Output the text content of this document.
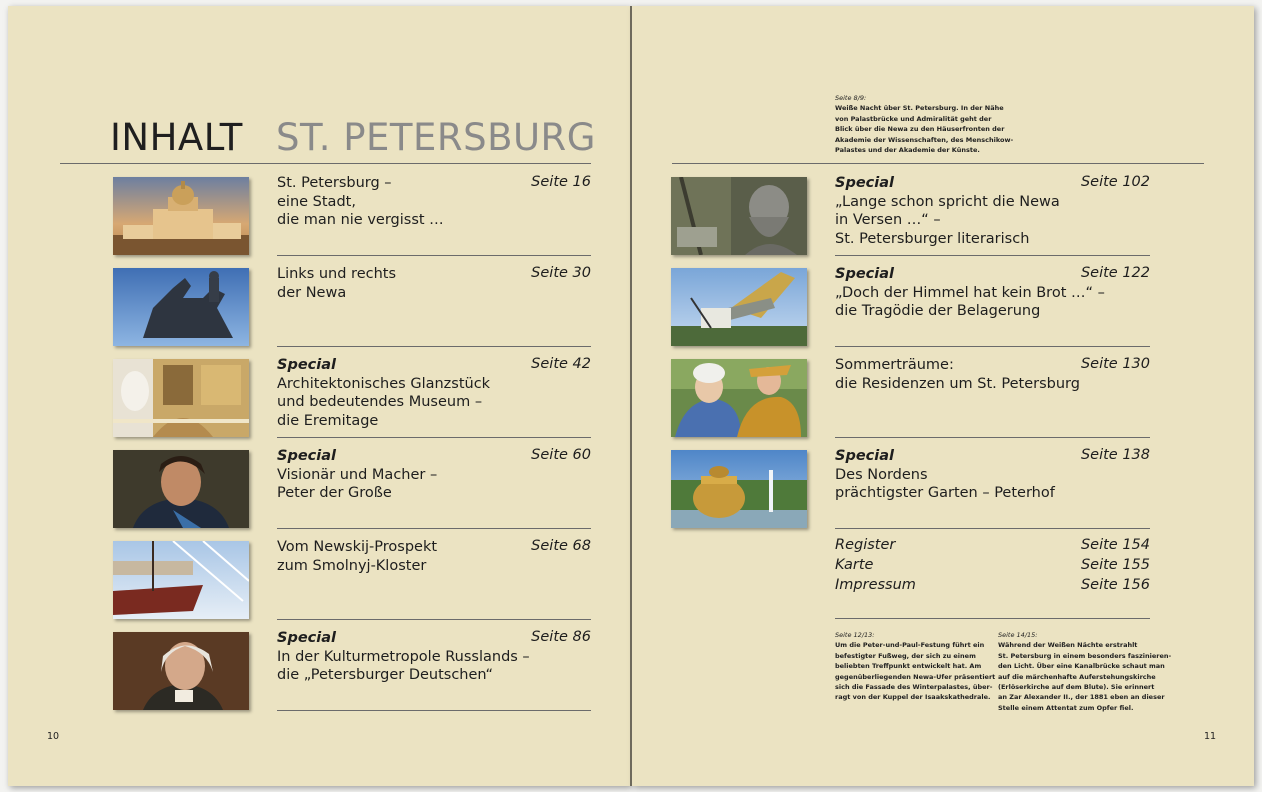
INHALT ST. PETERSBURG
Seite 8/9:
Weiße Nacht über St. Petersburg. In der Nähe
von Palastbrücke und Admiralität geht der
Blick über die Newa zu den Häuserfronten der
Akademie der Wissenschaften, des Menschikow-
Palastes und der Akademie der Künste.
St. Petersburg –
eine Stadt,
die man nie vergisst …
Seite 16
Links und rechts
der Newa
Seite 30
Special
Architektonisches Glanzstück
und bedeutendes Museum –
die Eremitage
Seite 42
Special
Visionär und Macher –
Peter der Große
Seite 60
Vom Newskij-Prospekt
zum Smolnyj-Kloster
Seite 68
Special
In der Kulturmetropole Russlands –
die „Petersburger Deutschen“
Seite 86
Special
„Lange schon spricht die Newa
in Versen …“ –
St. Petersburger literarisch
Seite 102
Special
„Doch der Himmel hat kein Brot …“ –
die Tragödie der Belagerung
Seite 122
Sommerträume:
die Residenzen um St. Petersburg
Seite 130
Special
Des Nordens
prächtigster Garten – Peterhof
Seite 138
Register	Seite 154
Karte	Seite 155
Impressum	Seite 156
Seite 12/13:
Um die Peter-und-Paul-Festung führt ein
befestigter Fußweg, der sich zu einem
beliebten Treffpunkt entwickelt hat. Am
gegenüberliegenden Newa-Ufer präsentiert
sich die Fassade des Winterpalastes, über-
ragt von der Kuppel der Isaakskathedrale.
Seite 14/15:
Während der Weißen Nächte erstrahlt
St. Petersburg in einem besonders faszinieren-
den Licht. Über eine Kanalbrücke schaut man
auf die märchenhafte Auferstehungskirche
(Erlöserkirche auf dem Blute). Sie erinnert
an Zar Alexander II., der 1881 eben an dieser
Stelle einem Attentat zum Opfer fiel.
10	11
